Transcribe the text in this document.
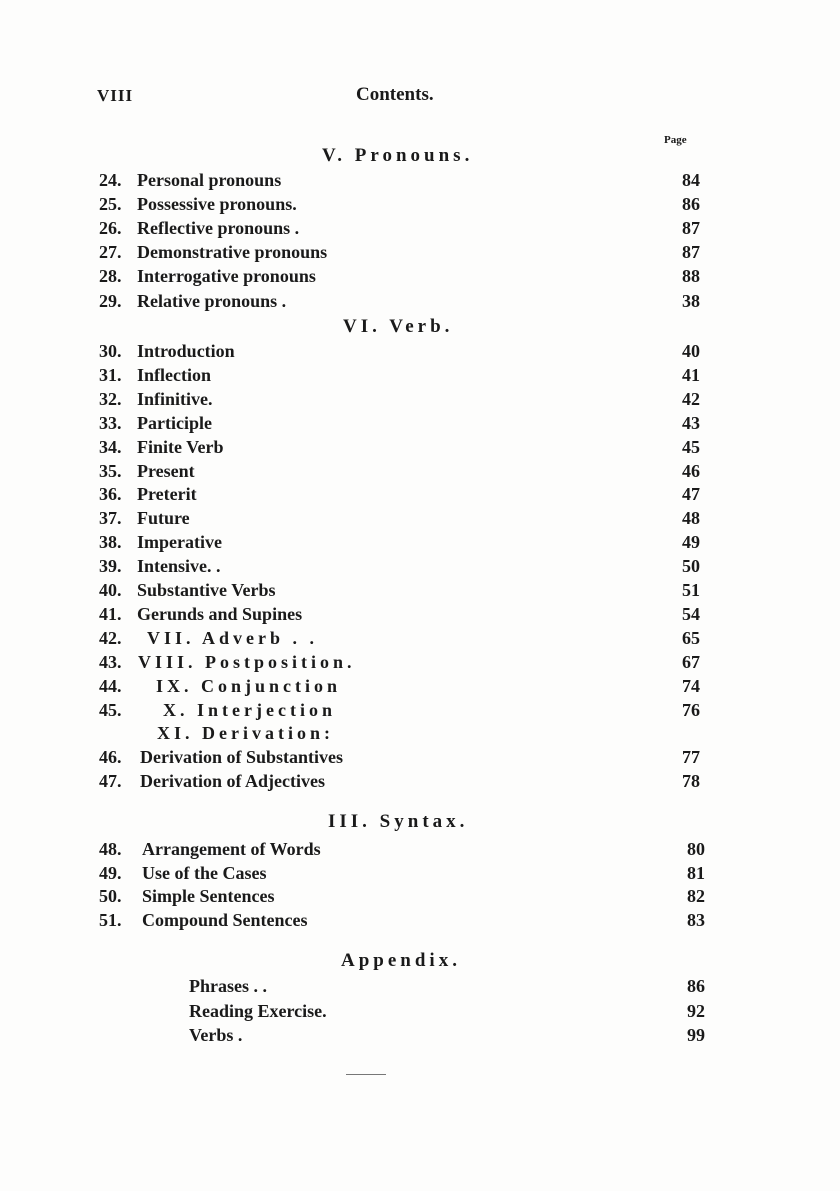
VIII	Contents.
Page
V. Pronouns.
24. Personal pronouns	84
25. Possessive pronouns.	86
26. Reflective pronouns .	87
27. Demonstrative pronouns	87
28. Interrogative pronouns	88
29. Relative pronouns .	38
VI. Verb.
30. Introduction	40
31. Inflection	41
32. Infinitive.	42
33. Participle	43
34. Finite Verb	45
35. Present	46
36. Preterit	47
37. Future	48
38. Imperative	49
39. Intensive. .	50
40. Substantive Verbs	51
41. Gerunds and Supines	54
42. VII. Adverb . .	65
43. VIII. Postposition.	67
44. IX. Conjunction	74
45. X. Interjection	76
XI. Derivation:
46. Derivation of Substantives	77
47. Derivation of Adjectives	78
III. Syntax.
48. Arrangement of Words	80
49. Use of the Cases	81
50. Simple Sentences	82
51. Compound Sentences	83
Appendix.
Phrases . .	86
Reading Exercise.	92
Verbs .	99
